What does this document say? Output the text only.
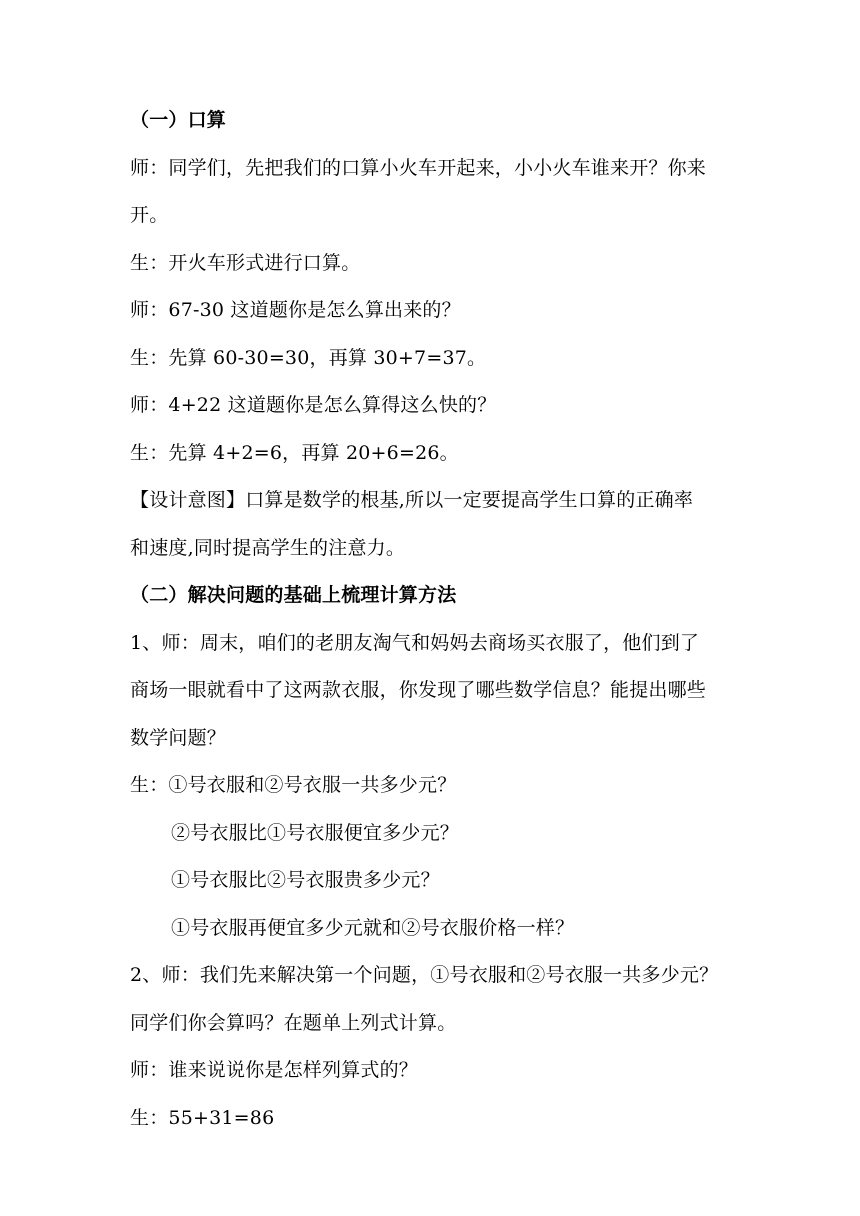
（一）口算
师：同学们，先把我们的口算小火车开起来，小小火车谁来开？你来
开。
生：开火车形式进行口算。
师：67-30 这道题你是怎么算出来的？
生：先算 60-30=30，再算 30+7=37。
师：4+22 这道题你是怎么算得这么快的？
生：先算 4+2=6，再算 20+6=26。
【设计意图】口算是数学的根基,所以一定要提高学生口算的正确率
和速度,同时提高学生的注意力。
（二）解决问题的基础上梳理计算方法
1、师：周末，咱们的老朋友淘气和妈妈去商场买衣服了，他们到了
商场一眼就看中了这两款衣服，你发现了哪些数学信息？能提出哪些
数学问题？
生：①号衣服和②号衣服一共多少元？
②号衣服比①号衣服便宜多少元？
①号衣服比②号衣服贵多少元？
①号衣服再便宜多少元就和②号衣服价格一样？
2、师：我们先来解决第一个问题，①号衣服和②号衣服一共多少元？
同学们你会算吗？在题单上列式计算。
师：谁来说说你是怎样列算式的？
生：55+31=86
